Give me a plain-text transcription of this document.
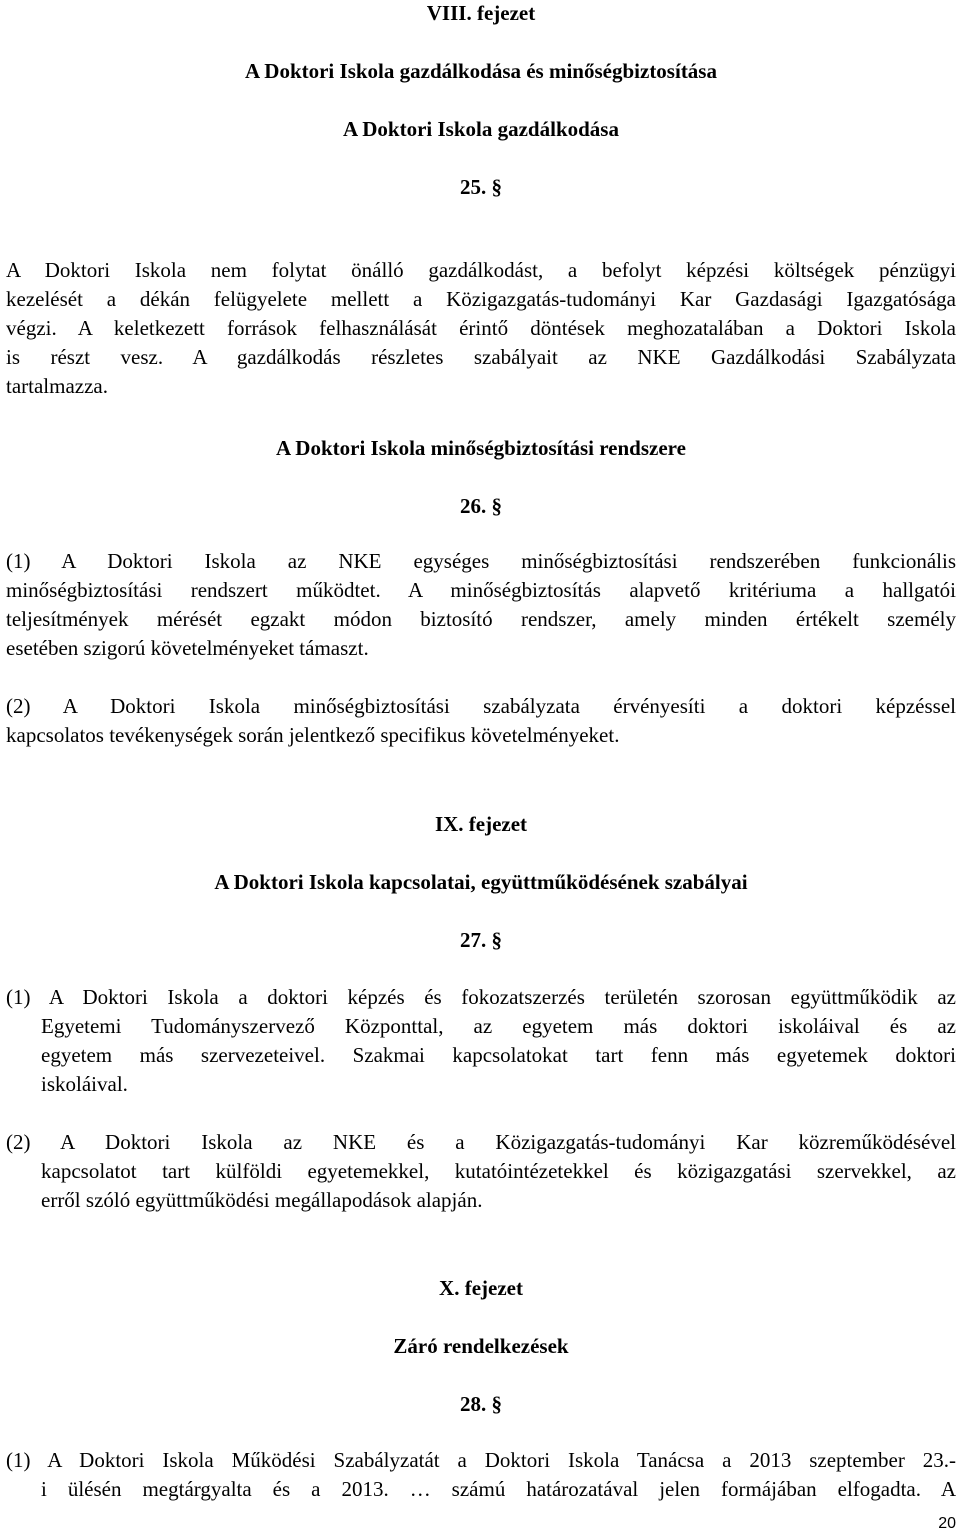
VIII. fejezet
A Doktori Iskola gazdálkodása és minőségbiztosítása
A Doktori Iskola gazdálkodása
25. §
A Doktori Iskola nem folytat önálló gazdálkodást, a befolyt képzési költségek pénzügyi
kezelését a dékán felügyelete mellett a Közigazgatás-tudományi Kar Gazdasági Igazgatósága
végzi. A keletkezett források felhasználását érintő döntések meghozatalában a Doktori Iskola
is részt vesz. A gazdálkodás részletes szabályait az NKE Gazdálkodási Szabályzata
tartalmazza.
A Doktori Iskola minőségbiztosítási rendszere
26. §
(1) A Doktori Iskola az NKE egységes minőségbiztosítási rendszerében funkcionális
minőségbiztosítási rendszert működtet. A minőségbiztosítás alapvető kritériuma a hallgatói
teljesítmények mérését egzakt módon biztosító rendszer, amely minden értékelt személy
esetében szigorú követelményeket támaszt.
(2) A Doktori Iskola minőségbiztosítási szabályzata érvényesíti a doktori képzéssel
kapcsolatos tevékenységek során jelentkező specifikus követelményeket.
IX. fejezet
A Doktori Iskola kapcsolatai, együttműködésének szabályai
27. §
(1) A Doktori Iskola a doktori képzés és fokozatszerzés területén szorosan együttműködik az
Egyetemi Tudományszervező Központtal, az egyetem más doktori iskoláival és az
egyetem más szervezeteivel. Szakmai kapcsolatokat tart fenn más egyetemek doktori
iskoláival.
(2) A Doktori Iskola az NKE és a Közigazgatás-tudományi Kar közreműködésével
kapcsolatot tart külföldi egyetemekkel, kutatóintézetekkel és közigazgatási szervekkel, az
erről szóló együttműködési megállapodások alapján.
X. fejezet
Záró rendelkezések
28. §
(1) A Doktori Iskola Működési Szabályzatát a Doktori Iskola Tanácsa a 2013 szeptember 23.-
i ülésén megtárgyalta és a 2013. … számú határozatával jelen formájában elfogadta. A
20
